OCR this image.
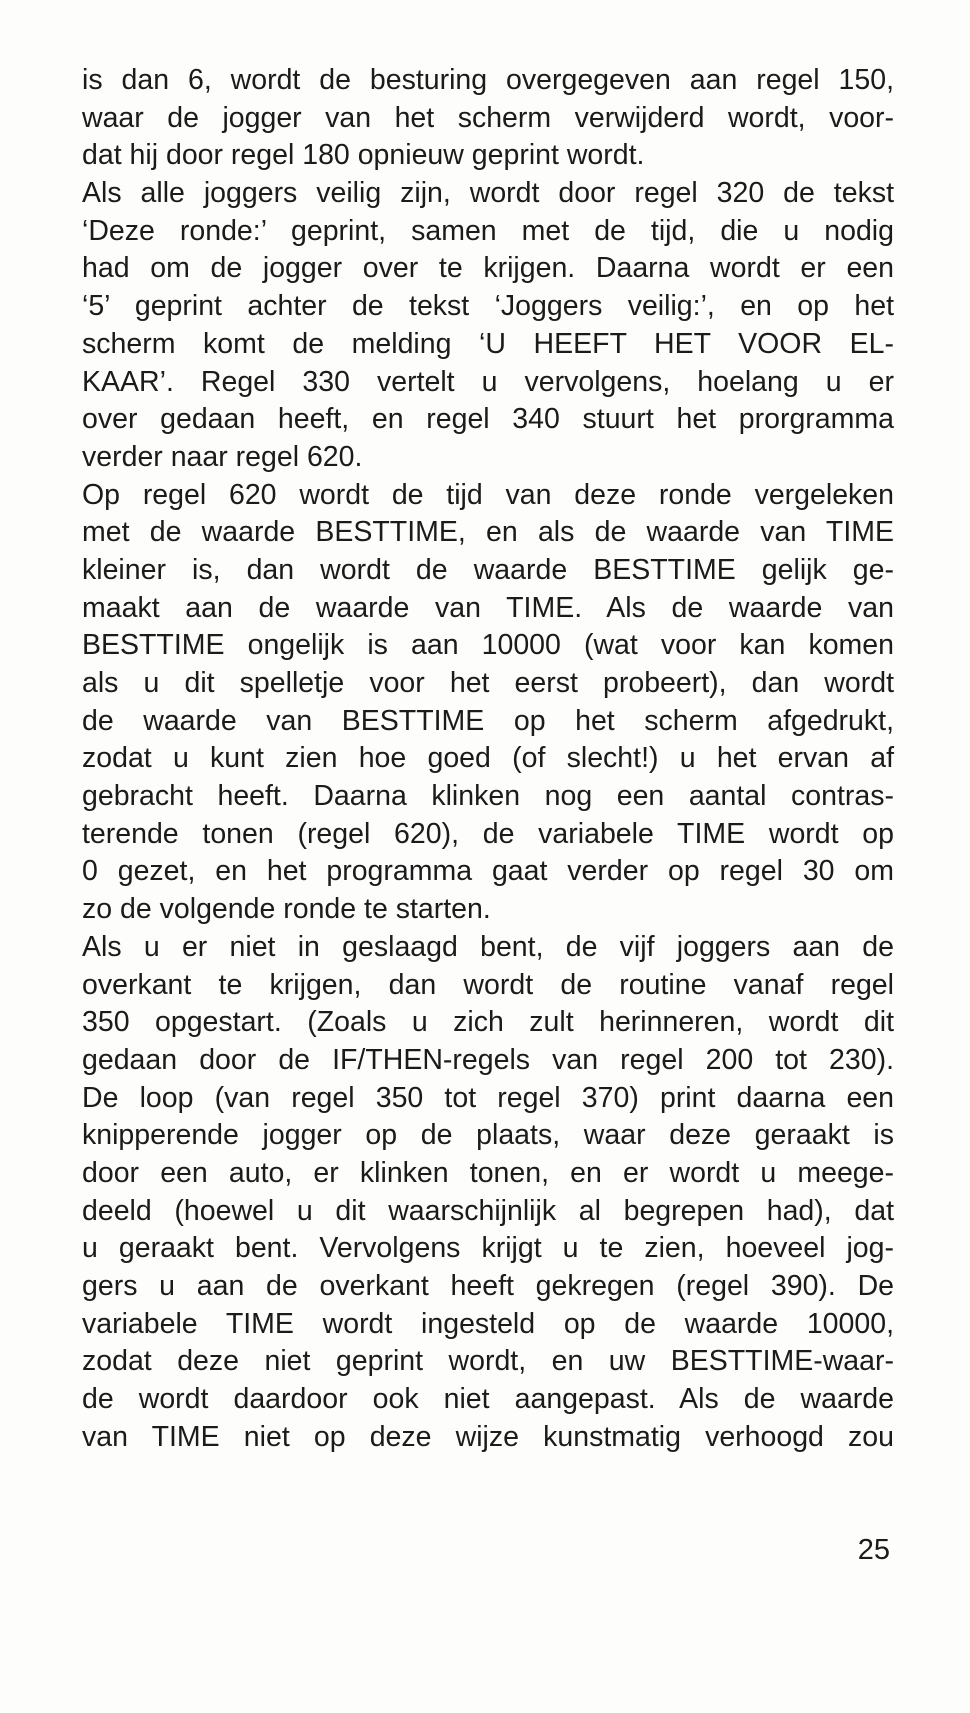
is dan 6, wordt de besturing overgegeven aan regel 150,
waar de jogger van het scherm verwijderd wordt, voor-
dat hij door regel 180 opnieuw geprint wordt.
Als alle joggers veilig zijn, wordt door regel 320 de tekst
‘Deze ronde:’ geprint, samen met de tijd, die u nodig
had om de jogger over te krijgen. Daarna wordt er een
‘5’ geprint achter de tekst ‘Joggers veilig:’, en op het
scherm komt de melding ‘U HEEFT HET VOOR EL-
KAAR’. Regel 330 vertelt u vervolgens, hoelang u er
over gedaan heeft, en regel 340 stuurt het prorgramma
verder naar regel 620.
Op regel 620 wordt de tijd van deze ronde vergeleken
met de waarde BESTTIME, en als de waarde van TIME
kleiner is, dan wordt de waarde BESTTIME gelijk ge-
maakt aan de waarde van TIME. Als de waarde van
BESTTIME ongelijk is aan 10000 (wat voor kan komen
als u dit spelletje voor het eerst probeert), dan wordt
de waarde van BESTTIME op het scherm afgedrukt,
zodat u kunt zien hoe goed (of slecht!) u het ervan af
gebracht heeft. Daarna klinken nog een aantal contras-
terende tonen (regel 620), de variabele TIME wordt op
0 gezet, en het programma gaat verder op regel 30 om
zo de volgende ronde te starten.
Als u er niet in geslaagd bent, de vijf joggers aan de
overkant te krijgen, dan wordt de routine vanaf regel
350 opgestart. (Zoals u zich zult herinneren, wordt dit
gedaan door de IF/THEN-regels van regel 200 tot 230).
De loop (van regel 350 tot regel 370) print daarna een
knipperende jogger op de plaats, waar deze geraakt is
door een auto, er klinken tonen, en er wordt u meege-
deeld (hoewel u dit waarschijnlijk al begrepen had), dat
u geraakt bent. Vervolgens krijgt u te zien, hoeveel jog-
gers u aan de overkant heeft gekregen (regel 390). De
variabele TIME wordt ingesteld op de waarde 10000,
zodat deze niet geprint wordt, en uw BESTTIME-waar-
de wordt daardoor ook niet aangepast. Als de waarde
van TIME niet op deze wijze kunstmatig verhoogd zou
25
